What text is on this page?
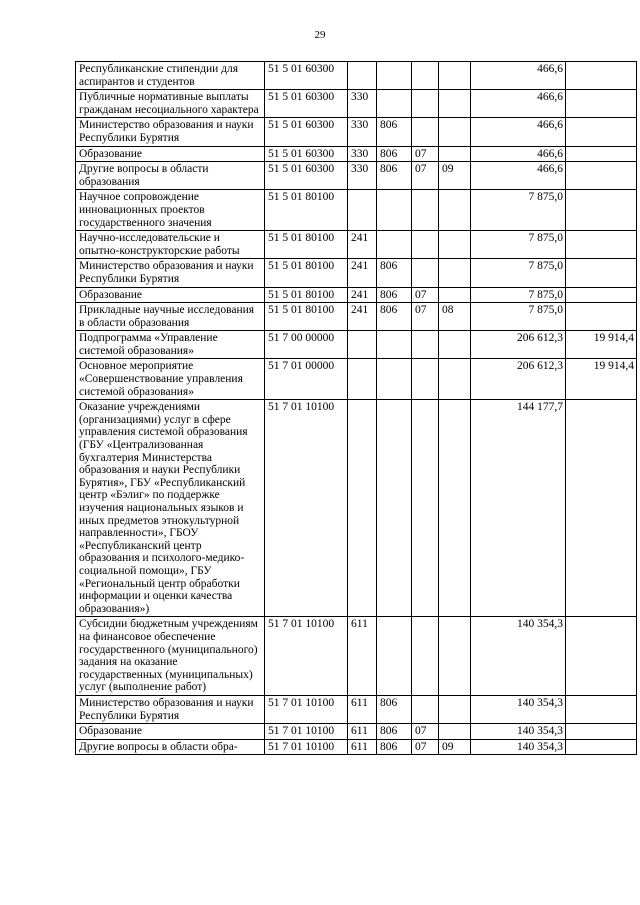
29
Республиканские стипендии для аспирантов и студентов	51 5 01 60300					466,6	
Публичные нормативные выплаты гражданам несоциального характера	51 5 01 60300	330				466,6	
Министерство образования и науки Республики Бурятия	51 5 01 60300	330	806			466,6	
Образование	51 5 01 60300	330	806	07		466,6	
Другие вопросы в области образования	51 5 01 60300	330	806	07	09	466,6	
Научное сопровождение инновационных проектов государственного значения	51 5 01 80100					7 875,0	
Научно-исследовательские и опытно-конструкторские работы	51 5 01 80100	241				7 875,0	
Министерство образования и науки Республики Бурятия	51 5 01 80100	241	806			7 875,0	
Образование	51 5 01 80100	241	806	07		7 875,0	
Прикладные научные исследования в области образования	51 5 01 80100	241	806	07	08	7 875,0	
Подпрограмма «Управление системой образования»	51 7 00 00000					206 612,3	19 914,4
Основное мероприятие «Совершенствование управления системой образования»	51 7 01 00000					206 612,3	19 914,4
Оказание учреждениями (организациями) услуг в сфере управления системой образования (ГБУ «Централизованная бухгалтерия Министерства образования и науки Республики Бурятия», ГБУ «Республиканский центр «Бэлиг» по поддержке изучения национальных языков и иных предметов этнокультурной направленности», ГБОУ «Республиканский центр образования и психолого-медико-социальной помощи», ГБУ «Региональный центр обработки информации и оценки качества образования»)	51 7 01 10100					144 177,7	
Субсидии бюджетным учреждениям на финансовое обеспечение государственного (муниципального) задания на оказание государственных (муниципальных) услуг (выполнение работ)	51 7 01 10100	611				140 354,3	
Министерство образования и науки Республики Бурятия	51 7 01 10100	611	806			140 354,3	
Образование	51 7 01 10100	611	806	07		140 354,3	
Другие вопросы в области обра-	51 7 01 10100	611	806	07	09	140 354,3	
